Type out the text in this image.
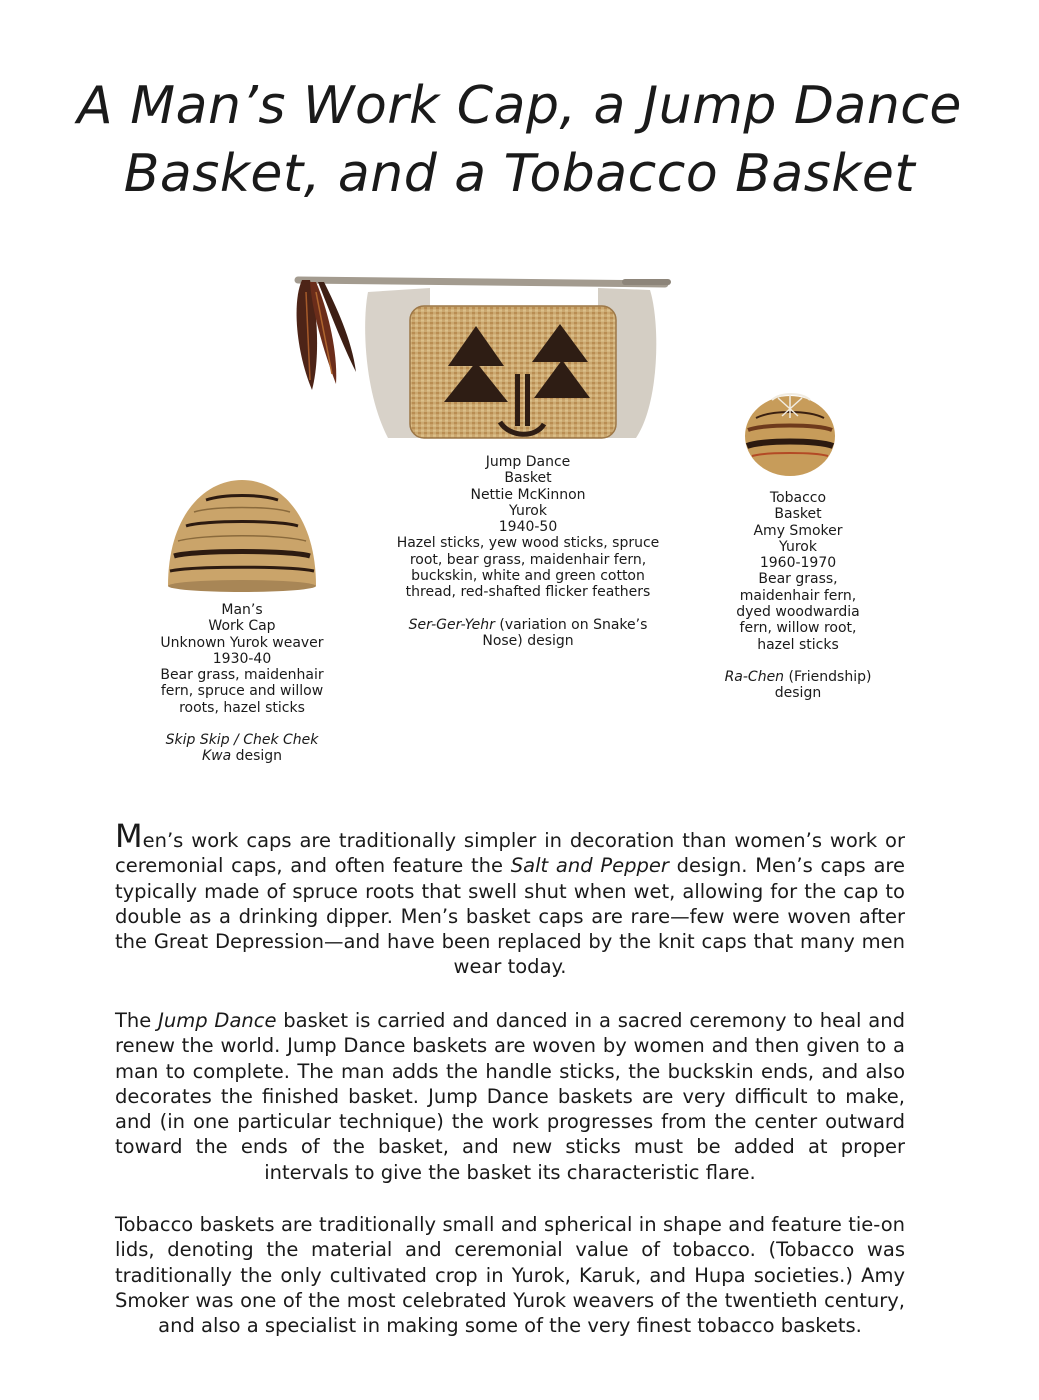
A Man’s Work Cap, a Jump Dance
Basket, and a Tobacco Basket
Jump Dance
Basket
Nettie McKinnon
Yurok
1940-50
Hazel sticks, yew wood sticks, spruce
root, bear grass, maidenhair fern,
buckskin, white and green cotton
thread, red-shafted flicker feathers
Ser-Ger-Yehr (variation on Snake’s
Nose) design
Man’s
Work Cap
Unknown Yurok weaver
1930-40
Bear grass, maidenhair
fern, spruce and willow
roots, hazel sticks
Skip Skip / Chek Chek
Kwa design
Tobacco
Basket
Amy Smoker
Yurok
1960-1970
Bear grass,
maidenhair fern,
dyed woodwardia
fern, willow root,
hazel sticks
Ra-Chen (Friendship)
design

Men’s work caps are traditionally simpler in decoration than women’s work or ceremonial caps, and often feature the Salt and Pepper design. Men’s caps are typically made of spruce roots that swell shut when wet, allowing for the cap to double as a drinking dipper. Men’s basket caps are rare—few were woven after the Great Depression—and have been replaced by the knit caps that many men wear today.

The Jump Dance basket is carried and danced in a sacred ceremony to heal and renew the world. Jump Dance baskets are woven by women and then given to a man to complete. The man adds the handle sticks, the buckskin ends, and also decorates the finished basket. Jump Dance baskets are very difficult to make, and (in one particular technique) the work progresses from the center outward toward the ends of the basket, and new sticks must be added at proper intervals to give the basket its characteristic flare.

Tobacco baskets are traditionally small and spherical in shape and feature tie-on lids, denoting the material and ceremonial value of tobacco. (Tobacco was traditionally the only cultivated crop in Yurok, Karuk, and Hupa societies.) Amy Smoker was one of the most celebrated Yurok weavers of the twentieth century, and also a specialist in making some of the very finest tobacco baskets.
